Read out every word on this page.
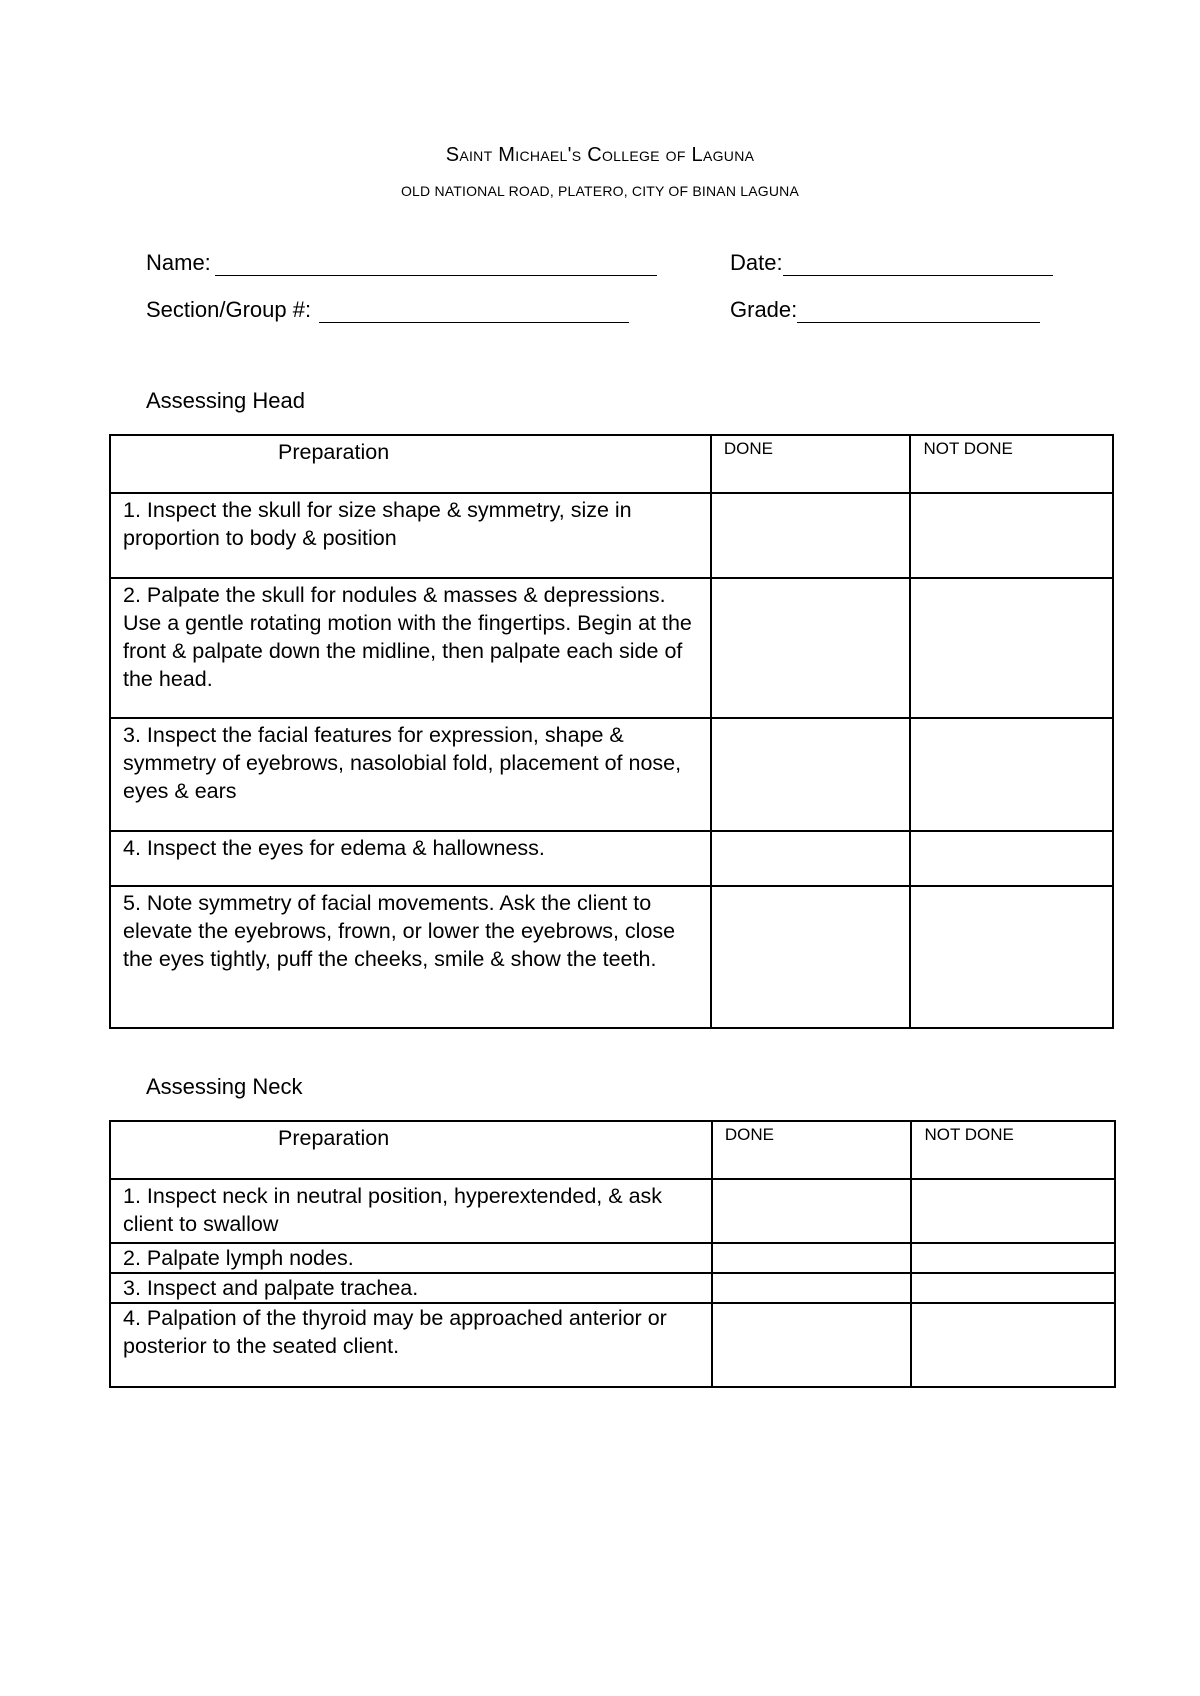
Saint Michael's College of Laguna
OLD NATIONAL ROAD, PLATERO, CITY OF BINAN LAGUNA
Name:	Date:
Section/Group #:	Grade:
Assessing Head
Preparation	DONE	NOT DONE
1. Inspect the skull for size shape & symmetry, size in proportion to body & position		
2. Palpate the skull for nodules & masses & depressions. Use a gentle rotating motion with the fingertips. Begin at the front & palpate down the midline, then palpate each side of the head.		
3. Inspect the facial features for expression, shape & symmetry of eyebrows, nasolobial fold, placement of nose, eyes & ears		
4. Inspect the eyes for edema & hallowness.		
5. Note symmetry of facial movements. Ask the client to elevate the eyebrows, frown, or lower the eyebrows, close the eyes tightly, puff the cheeks, smile & show the teeth.		
Assessing Neck
Preparation	DONE	NOT DONE
1. Inspect neck in neutral position, hyperextended, & ask client to swallow		
2. Palpate lymph nodes.		
3. Inspect and palpate trachea.		
4. Palpation of the thyroid may be approached anterior or posterior to the seated client.		
